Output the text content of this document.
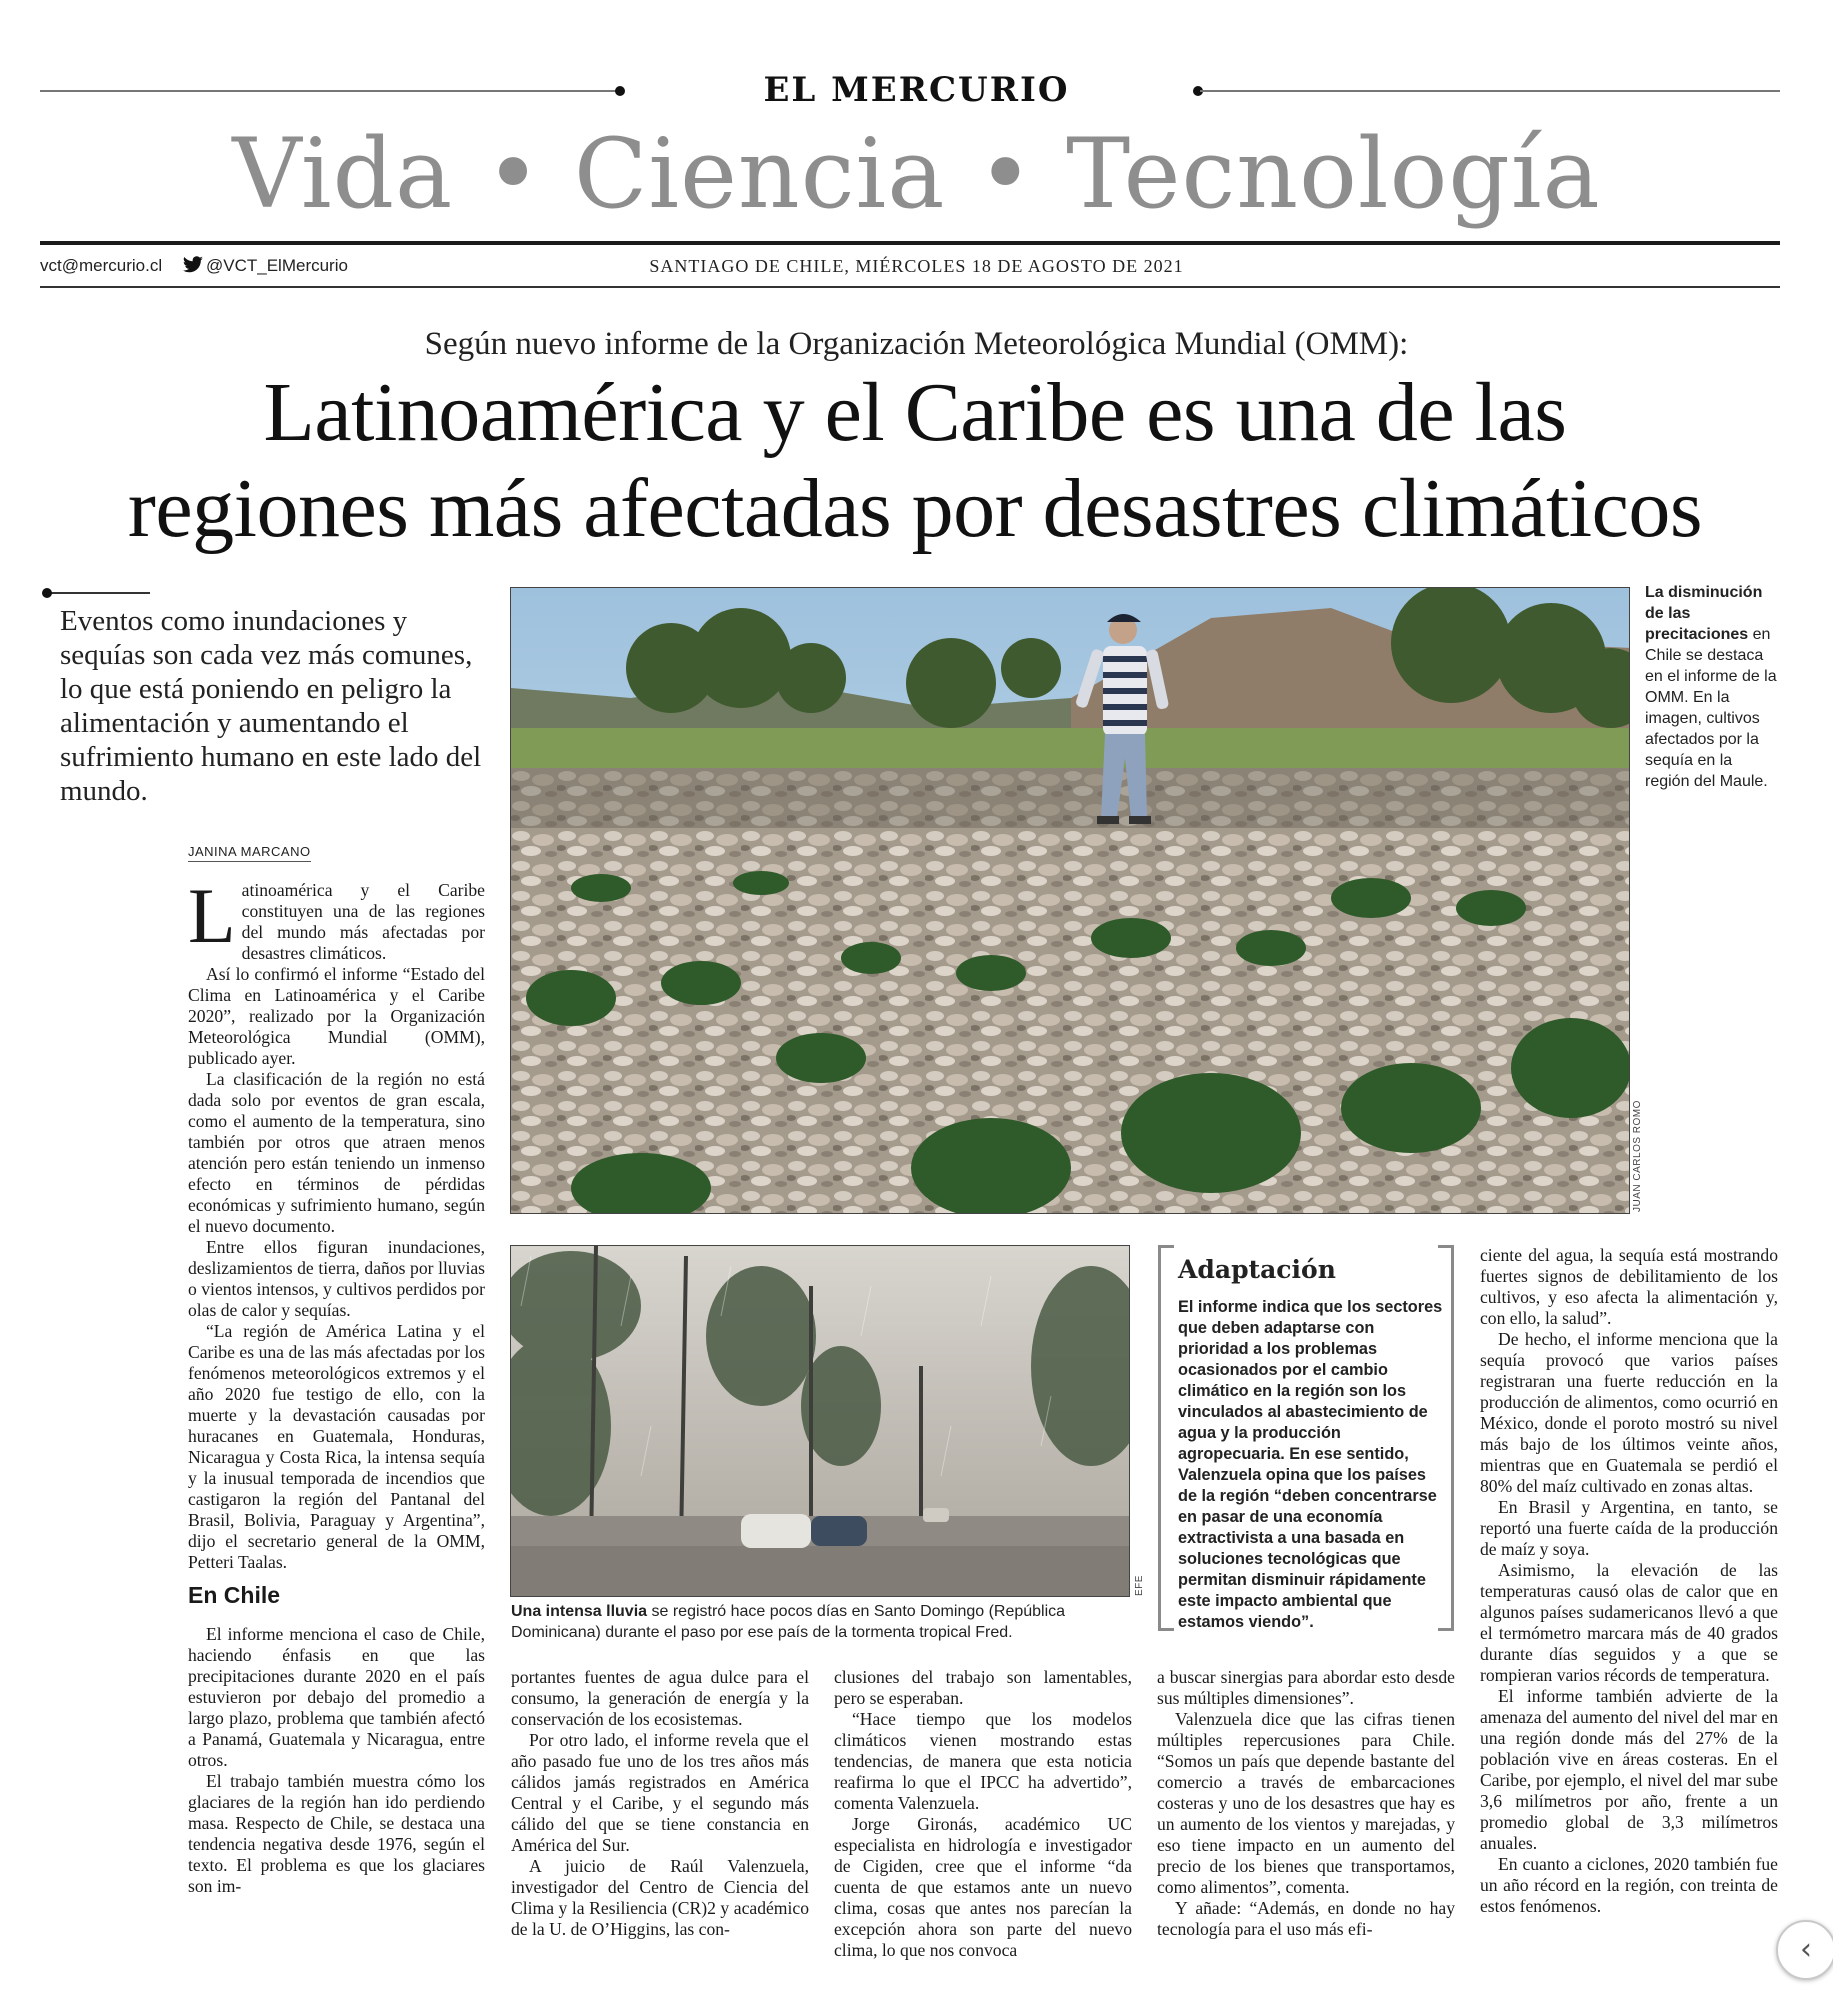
EL MERCURIO
Vida • Ciencia • Tecnología
vct@mercurio.cl	@VCT_ElMercurio	SANTIAGO DE CHILE, MIÉRCOLES 18 DE AGOSTO DE 2021
Según nuevo informe de la Organización Meteorológica Mundial (OMM):
Latinoamérica y el Caribe es una de las
regiones más afectadas por desastres climáticos
Eventos como inundaciones y sequías son cada vez más comunes, lo que está poniendo en peligro la alimentación y aumentando el sufrimiento humano en este lado del mundo.
JANINA MARCANO

Latinoamérica y el Caribe constituyen una de las regiones del mundo más afectadas por desastres climáticos.

Así lo confirmó el informe “Estado del Clima en Latinoamérica y el Caribe 2020”, realizado por la Organización Meteorológica Mundial (OMM), publicado ayer.

La clasificación de la región no está dada solo por eventos de gran escala, como el aumento de la temperatura, sino también por otros que atraen menos atención pero están teniendo un inmenso efecto en términos de pérdidas económicas y sufrimiento humano, según el nuevo documento.

Entre ellos figuran inundaciones, deslizamientos de tierra, daños por lluvias o vientos intensos, y cultivos perdidos por olas de calor y sequías.

“La región de América Latina y el Caribe es una de las más afectadas por los fenómenos meteorológicos extremos y el año 2020 fue testigo de ello, con la muerte y la devastación causadas por huracanes en Guatemala, Honduras, Nicaragua y Costa Rica, la intensa sequía y la inusual temporada de incendios que castigaron la región del Pantanal del Brasil, Bolivia, Paraguay y Argentina”, dijo el secretario general de la OMM, Petteri Taalas.

En Chile

El informe menciona el caso de Chile, haciendo énfasis en que las precipitaciones durante 2020 en el país estuvieron por debajo del promedio a largo plazo, problema que también afectó a Panamá, Guatemala y Nicaragua, entre otros.

El trabajo también muestra cómo los glaciares de la región han ido perdiendo masa. Respecto de Chile, se destaca una tendencia negativa desde 1976, según el texto. El problema es que los glaciares son im-

JUAN CARLOS ROMO
La disminución de las precitaciones en Chile se destaca en el informe de la OMM. En la imagen, cultivos afectados por la sequía en la región del Maule.
EFE
Una intensa lluvia se registró hace pocos días en Santo Domingo (República Dominicana) durante el paso por ese país de la tormenta tropical Fred.
Adaptación
El informe indica que los sectores que deben adaptarse con prioridad a los problemas ocasionados por el cambio climático en la región son los vinculados al abastecimiento de agua y la producción agropecuaria. En ese sentido, Valenzuela opina que los países de la región “deben concentrarse en pasar de una economía extractivista a una basada en soluciones tecnológicas que permitan disminuir rápidamente este impacto ambiental que estamos viendo”.

portantes fuentes de agua dulce para el consumo, la generación de energía y la conservación de los ecosistemas.

Por otro lado, el informe revela que el año pasado fue uno de los tres años más cálidos jamás registrados en América Central y el Caribe, y el segundo más cálido del que se tiene constancia en América del Sur.

A juicio de Raúl Valenzuela, investigador del Centro de Ciencia del Clima y la Resiliencia (CR)2 y académico de la U. de O’Higgins, las con-

clusiones del trabajo son lamentables, pero se esperaban.

“Hace tiempo que los modelos climáticos vienen mostrando estas tendencias, de manera que esta noticia reafirma lo que el IPCC ha advertido”, comenta Valenzuela.

Jorge Gironás, académico UC especialista en hidrología e investigador de Cigiden, cree que el informe “da cuenta de que estamos ante un nuevo clima, cosas que antes nos parecían la excepción ahora son parte del nuevo clima, lo que nos convoca

a buscar sinergias para abordar esto desde sus múltiples dimensiones”.

Valenzuela dice que las cifras tienen múltiples repercusiones para Chile. “Somos un país que depende bastante del comercio a través de embarcaciones costeras y uno de los desastres que hay es un aumento de los vientos y marejadas, y eso tiene impacto en un aumento del precio de los bienes que transportamos, como alimentos”, comenta.

Y añade: “Además, en donde no hay tecnología para el uso más efi-

ciente del agua, la sequía está mostrando fuertes signos de debilitamiento de los cultivos, y eso afecta la alimentación y, con ello, la salud”.

De hecho, el informe menciona que la sequía provocó que varios países registraran una fuerte reducción en la producción de alimentos, como ocurrió en México, donde el poroto mostró su nivel más bajo de los últimos veinte años, mientras que en Guatemala se perdió el 80% del maíz cultivado en zonas altas.

En Brasil y Argentina, en tanto, se reportó una fuerte caída de la producción de maíz y soya.

Asimismo, la elevación de las temperaturas causó olas de calor que en algunos países sudamericanos llevó a que el termómetro marcara más de 40 grados durante días seguidos y a que se rompieran varios récords de temperatura.

El informe también advierte de la amenaza del aumento del nivel del mar en una región donde más del 27% de la población vive en áreas costeras. En el Caribe, por ejemplo, el nivel del mar sube 3,6 milímetros por año, frente a un promedio global de 3,3 milímetros anuales.

En cuanto a ciclones, 2020 también fue un año récord en la región, con treinta de estos fenómenos.

‹
